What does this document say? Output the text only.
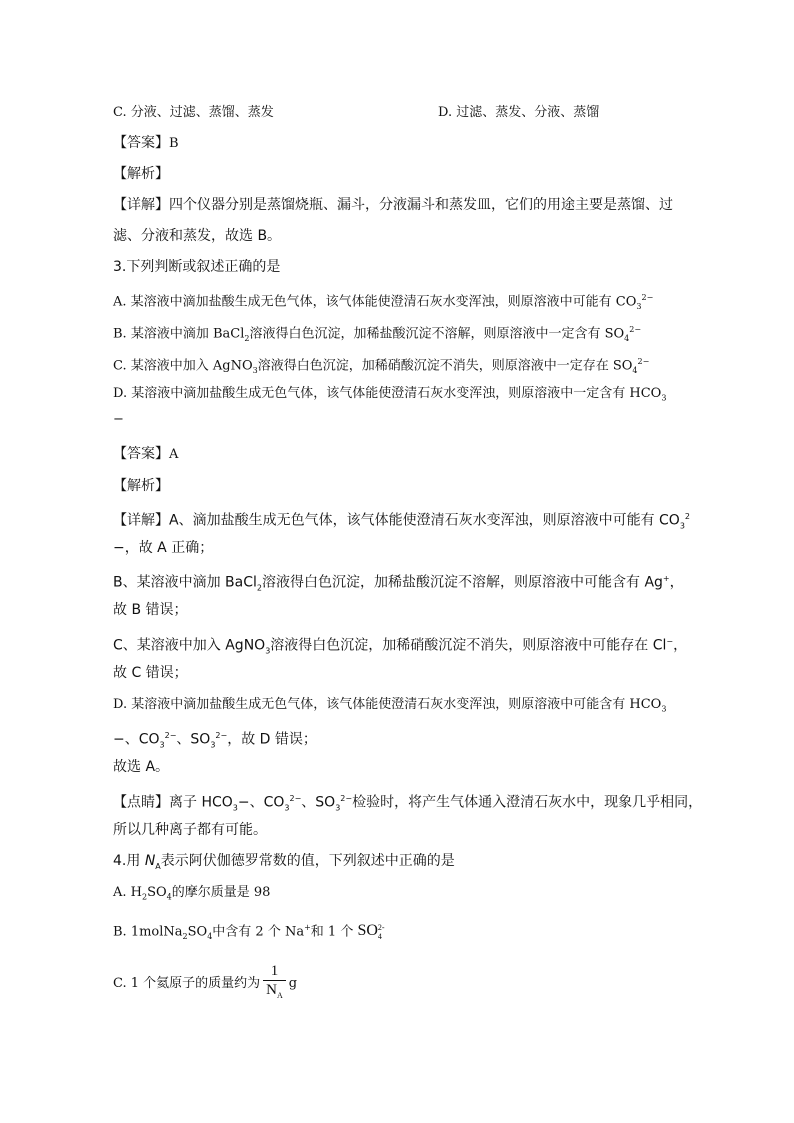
C. 分液、过滤、蒸馏、蒸发	D. 过滤、蒸发、分液、蒸馏
【答案】B
【解析】
【详解】四个仪器分别是蒸馏烧瓶、漏斗，分液漏斗和蒸发皿，它们的用途主要是蒸馏、过
滤、分液和蒸发，故选 B。
3.下列判断或叙述正确的是
A. 某溶液中滴加盐酸生成无色气体，该气体能使澄清石灰水变浑浊，则原溶液中可能有 $CO_3^{2-}$
B. 某溶液中滴加 BaCl$_2$溶液得白色沉淀，加稀盐酸沉淀不溶解，则原溶液中一定含有 $SO_4^{2-}$
C. 某溶液中加入 AgNO$_3$溶液得白色沉淀，加稀硝酸沉淀不消失，则原溶液中一定存在 $SO_4^{2-}$
D. 某溶液中滴加盐酸生成无色气体，该气体能使澄清石灰水变浑浊，则原溶液中一定含有 $HCO_3$
−
【答案】A
【解析】
【详解】A、滴加盐酸生成无色气体，该气体能使澄清石灰水变浑浊，则原溶液中可能有 $CO_3^2$
−，故 A 正确；
B、某溶液中滴加 BaCl$_2$溶液得白色沉淀，加稀盐酸沉淀不溶解，则原溶液中可能含有 Ag+，
故 B 错误；
C、某溶液中加入 AgNO$_3$溶液得白色沉淀，加稀硝酸沉淀不消失，则原溶液中可能存在 Cl−，
故 C 错误；
D. 某溶液中滴加盐酸生成无色气体，该气体能使澄清石灰水变浑浊，则原溶液中可能含有 $HCO_3$
−、$CO_3^{2-}$、$SO_3^{2-}$，故 D 错误；
故选 A。
【点睛】离子 $HCO_3-$、$CO_3^{2-}$、$SO_3^{2-}$检验时，将产生气体通入澄清石灰水中，现象几乎相同，
所以几种离子都有可能。
4.用 $N_A$表示阿伏伽德罗常数的值，下列叙述中正确的是
A. $H_2SO_4$的摩尔质量是 98
B. $1molNa_2SO_4$中含有 2 个 Na+和 1 个 SO 2-
4
C. 1 个氦原子的质量约为 $\frac{1}{N_A}$ g
